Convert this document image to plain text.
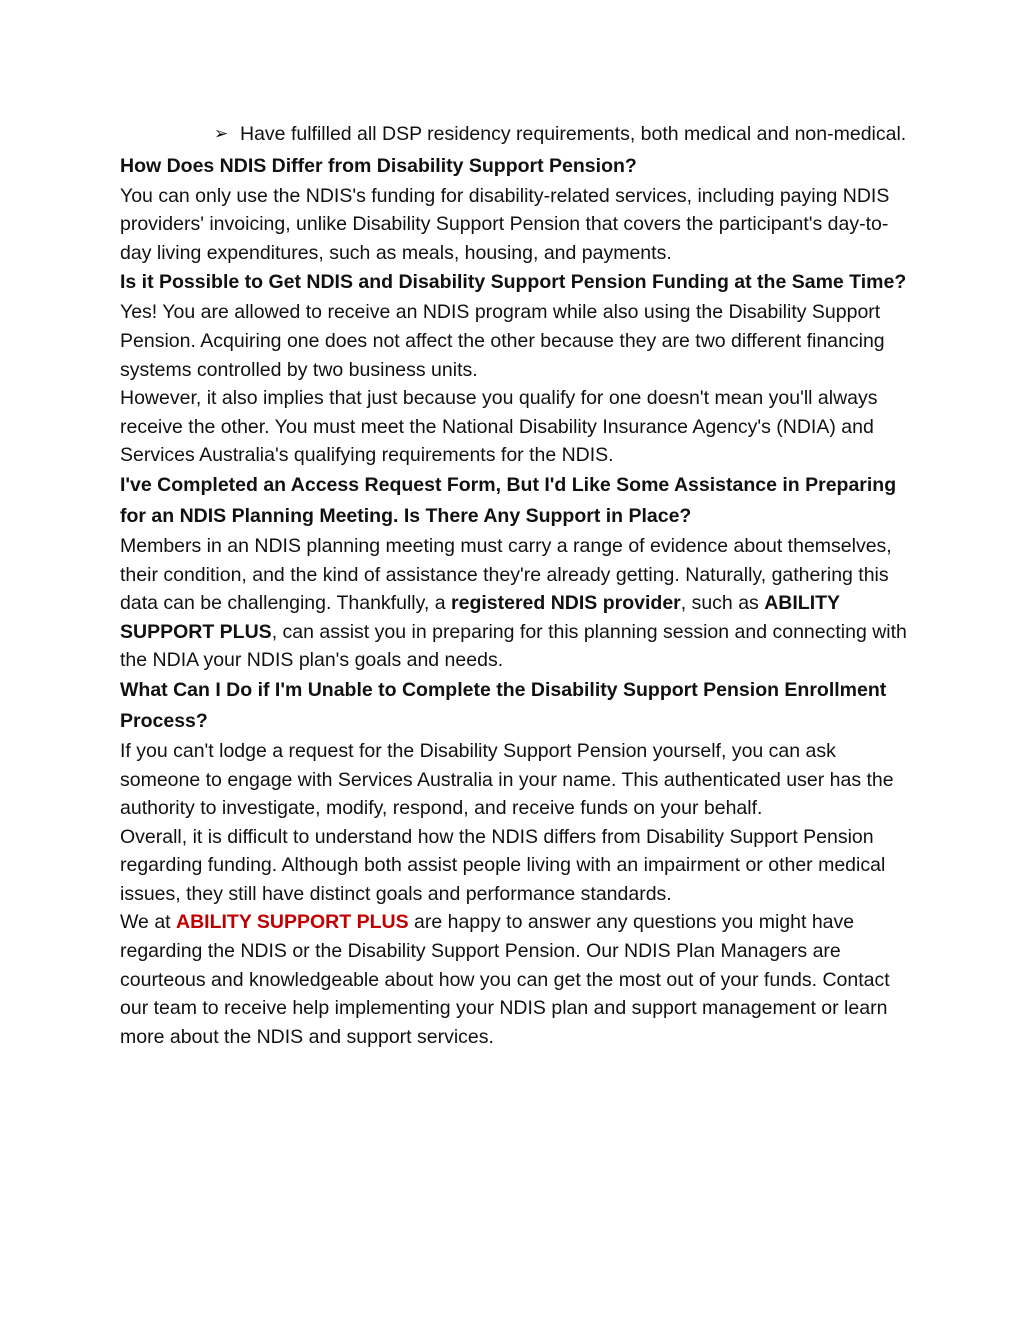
➢ Have fulfilled all DSP residency requirements, both medical and non-medical.

How Does NDIS Differ from Disability Support Pension?

You can only use the NDIS's funding for disability-related services, including paying NDIS providers' invoicing, unlike Disability Support Pension that covers the participant's day-to-day living expenditures, such as meals, housing, and payments.

Is it Possible to Get NDIS and Disability Support Pension Funding at the Same Time?

Yes! You are allowed to receive an NDIS program while also using the Disability Support Pension. Acquiring one does not affect the other because they are two different financing systems controlled by two business units.

However, it also implies that just because you qualify for one doesn't mean you'll always receive the other. You must meet the National Disability Insurance Agency's (NDIA) and Services Australia's qualifying requirements for the NDIS.

I've Completed an Access Request Form, But I'd Like Some Assistance in Preparing for an NDIS Planning Meeting. Is There Any Support in Place?

Members in an NDIS planning meeting must carry a range of evidence about themselves, their condition, and the kind of assistance they're already getting. Naturally, gathering this data can be challenging. Thankfully, a registered NDIS provider, such as ABILITY SUPPORT PLUS, can assist you in preparing for this planning session and connecting with the NDIA your NDIS plan's goals and needs.

What Can I Do if I'm Unable to Complete the Disability Support Pension Enrollment Process?

If you can't lodge a request for the Disability Support Pension yourself, you can ask someone to engage with Services Australia in your name. This authenticated user has the authority to investigate, modify, respond, and receive funds on your behalf.

Overall, it is difficult to understand how the NDIS differs from Disability Support Pension regarding funding. Although both assist people living with an impairment or other medical issues, they still have distinct goals and performance standards.

We at ABILITY SUPPORT PLUS are happy to answer any questions you might have regarding the NDIS or the Disability Support Pension. Our NDIS Plan Managers are courteous and knowledgeable about how you can get the most out of your funds. Contact our team to receive help implementing your NDIS plan and support management or learn more about the NDIS and support services.
